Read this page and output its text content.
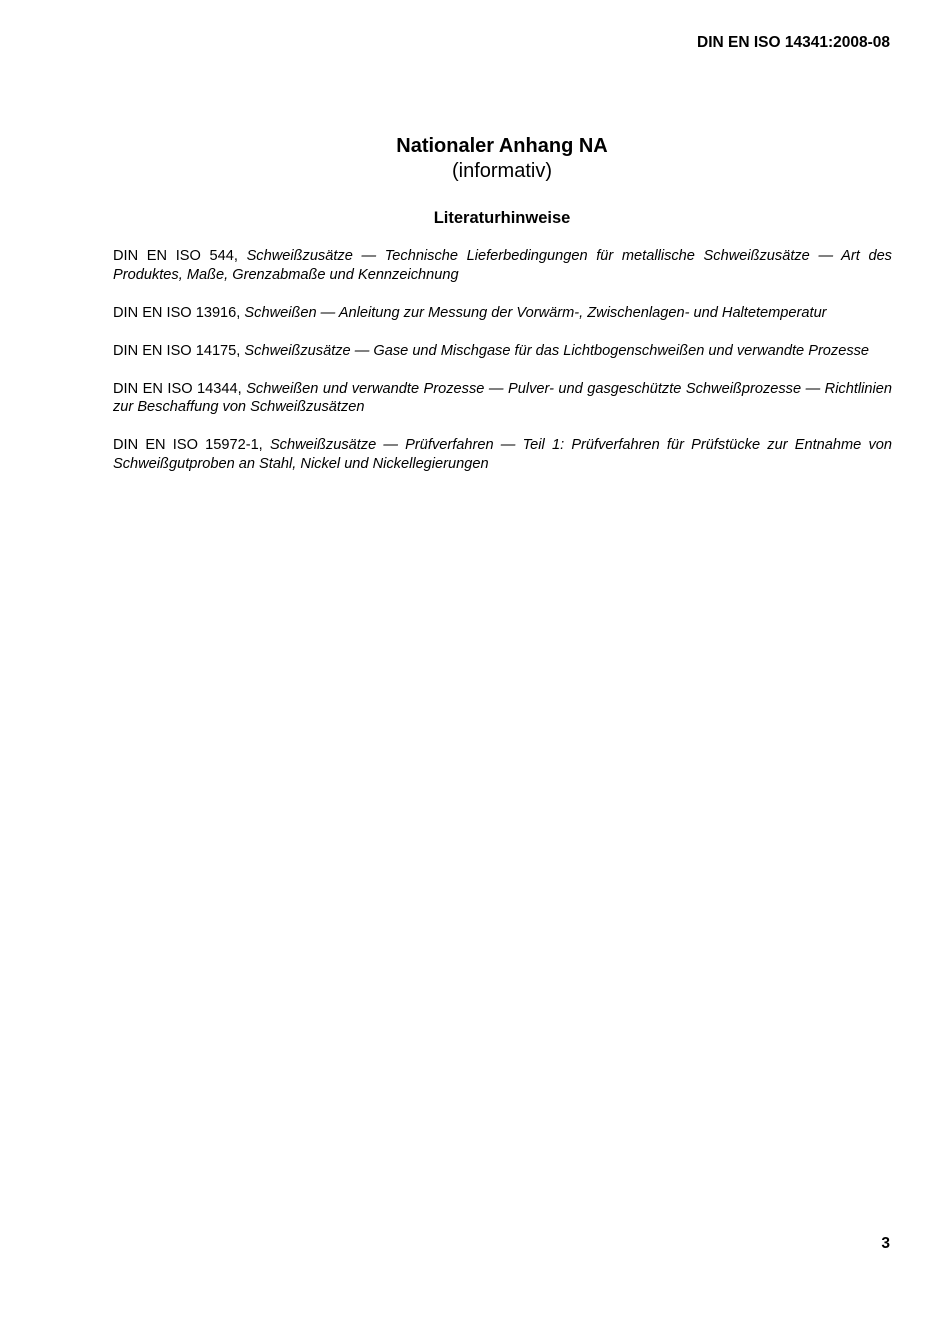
DIN EN ISO 14341:2008-08
Nationaler Anhang NA
(informativ)
Literaturhinweise

DIN EN ISO 544, Schweißzusätze — Technische Lieferbedingungen für metallische Schweißzusätze — Art des Produktes, Maße, Grenzabmaße und Kennzeichnung

DIN EN ISO 13916, Schweißen — Anleitung zur Messung der Vorwärm-, Zwischenlagen- und Haltetemperatur

DIN EN ISO 14175, Schweißzusätze — Gase und Mischgase für das Lichtbogenschweißen und verwandte Prozesse

DIN EN ISO 14344, Schweißen und verwandte Prozesse — Pulver- und gasgeschützte Schweißprozesse — Richtlinien zur Beschaffung von Schweißzusätzen

DIN EN ISO 15972-1, Schweißzusätze — Prüfverfahren — Teil 1: Prüfverfahren für Prüfstücke zur Entnahme von Schweißgutproben an Stahl, Nickel und Nickellegierungen

3
